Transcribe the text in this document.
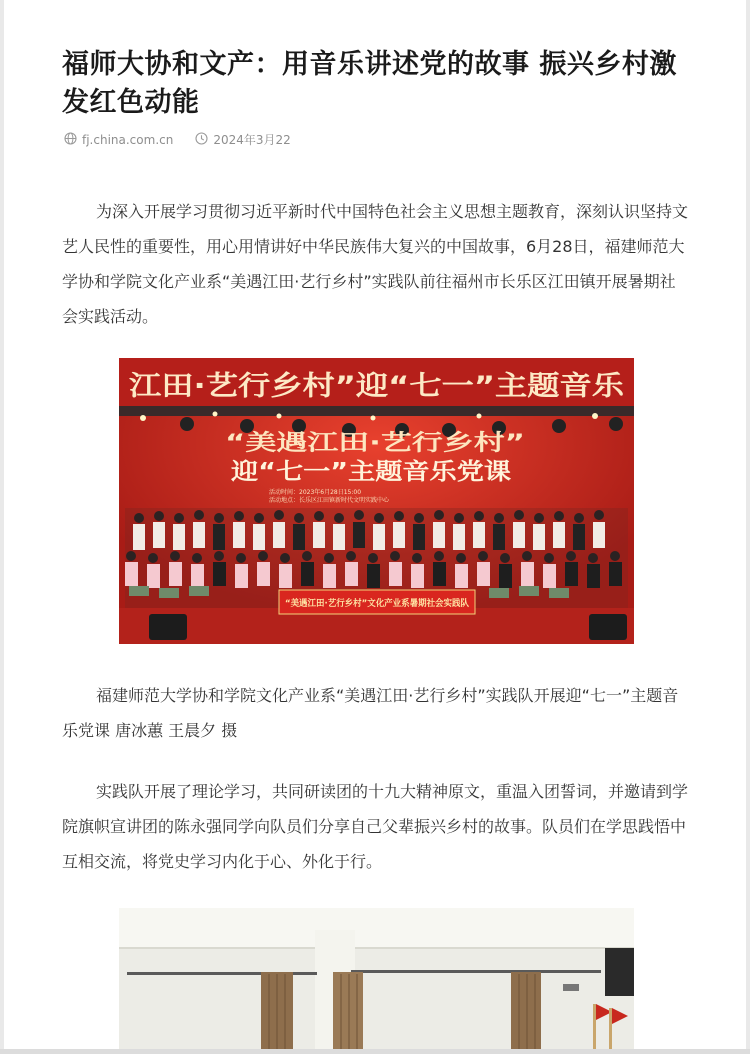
福师大协和文产：用音乐讲述党的故事 振兴乡村激发红色动能
fj.china.com.cn	2024年3月22

为深入开展学习贯彻习近平新时代中国特色社会主义思想主题教育，深刻认识坚持文艺人民性的重要性，用心用情讲好中华民族伟大复兴的中国故事，6月28日，福建师范大学协和学院文化产业系“美遇江田·艺行乡村”实践队前往福州市长乐区江田镇开展暑期社会实践活动。

江田·艺行乡村”迎“七一”主题音乐
“美遇江田·艺行乡村”
迎“七一”主题音乐党课
活动时间：2023年6月28日15:00
活动地点：长乐区江田镇新时代文明实践中心
“美遇江田·艺行乡村”文化产业系暑期社会实践队

福建师范大学协和学院文化产业系“美遇江田·艺行乡村”实践队开展迎“七一”主题音乐党课 唐冰蕙 王晨夕 摄

实践队开展了理论学习，共同研读团的十九大精神原文，重温入团誓词，并邀请到学院旗帜宣讲团的陈永强同学向队员们分享自己父辈振兴乡村的故事。队员们在学思践悟中互相交流，将党史学习内化于心、外化于行。
